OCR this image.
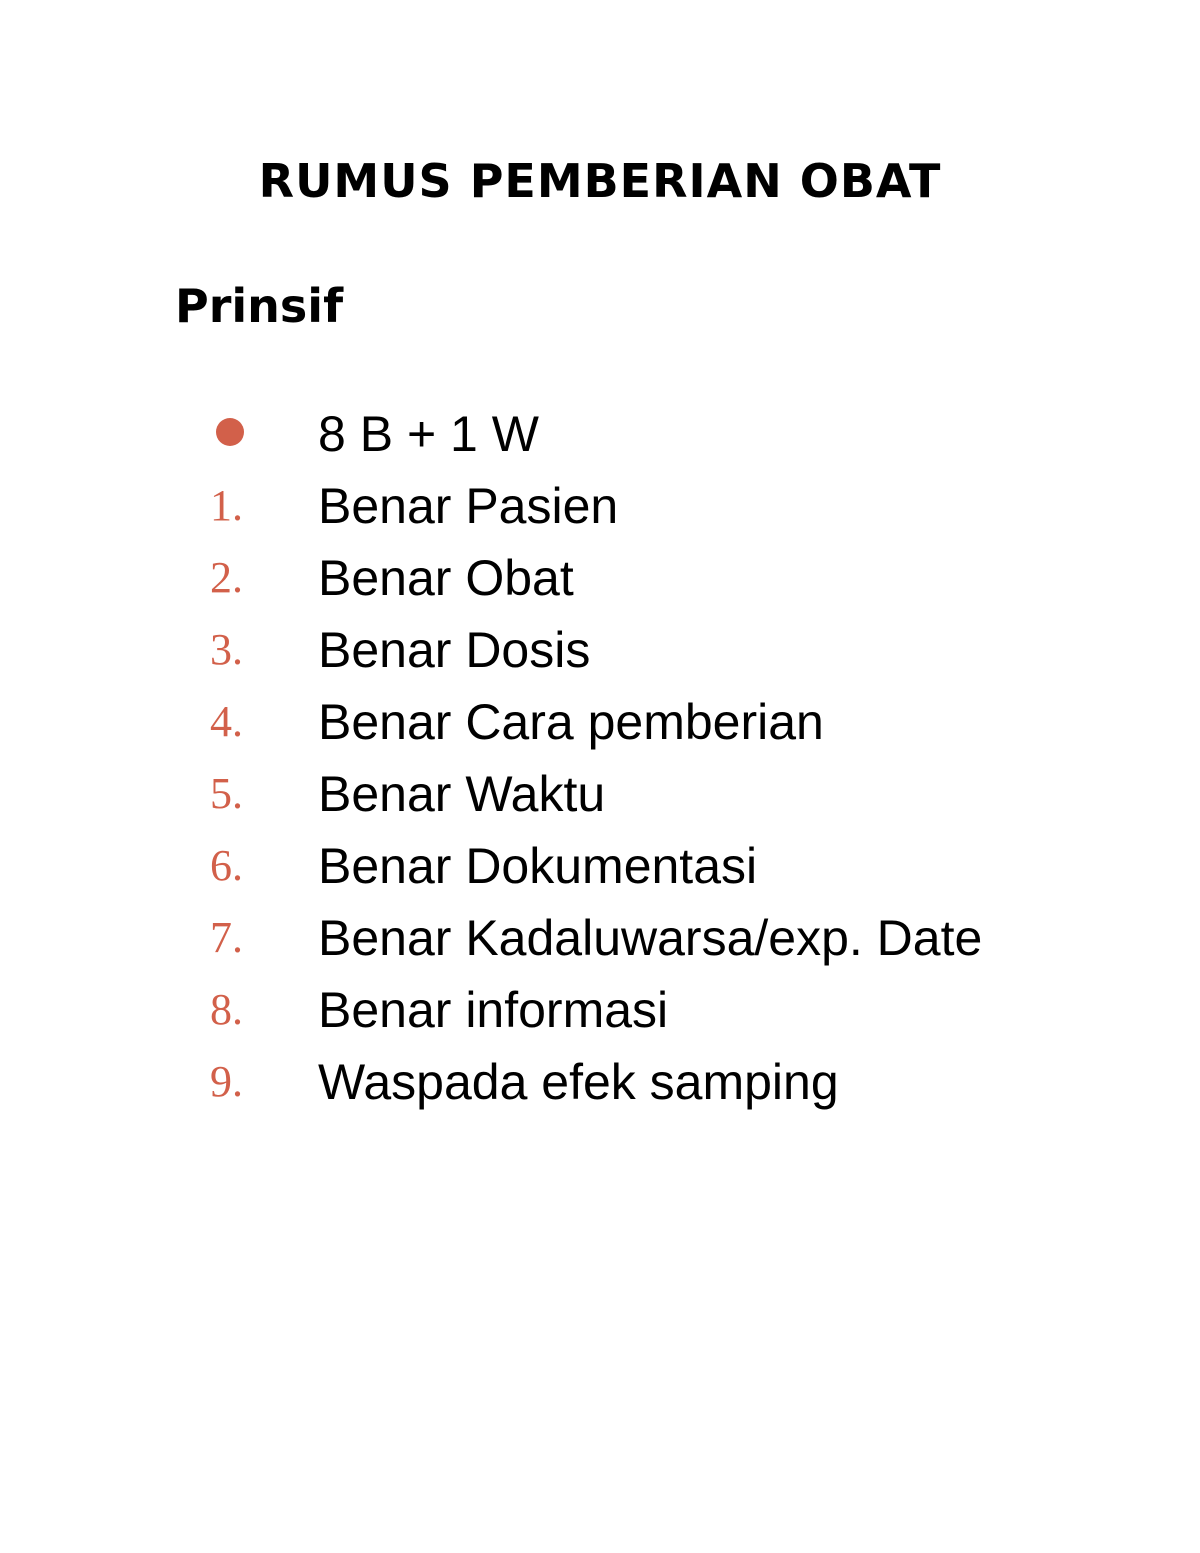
RUMUS PEMBERIAN OBAT
Prinsif
8 B + 1 W
1.	Benar Pasien
2.	Benar Obat
3.	Benar Dosis
4.	Benar Cara pemberian
5.	Benar Waktu
6.	Benar Dokumentasi
7.	Benar Kadaluwarsa/exp. Date
8.	Benar informasi
9.	Waspada efek samping
